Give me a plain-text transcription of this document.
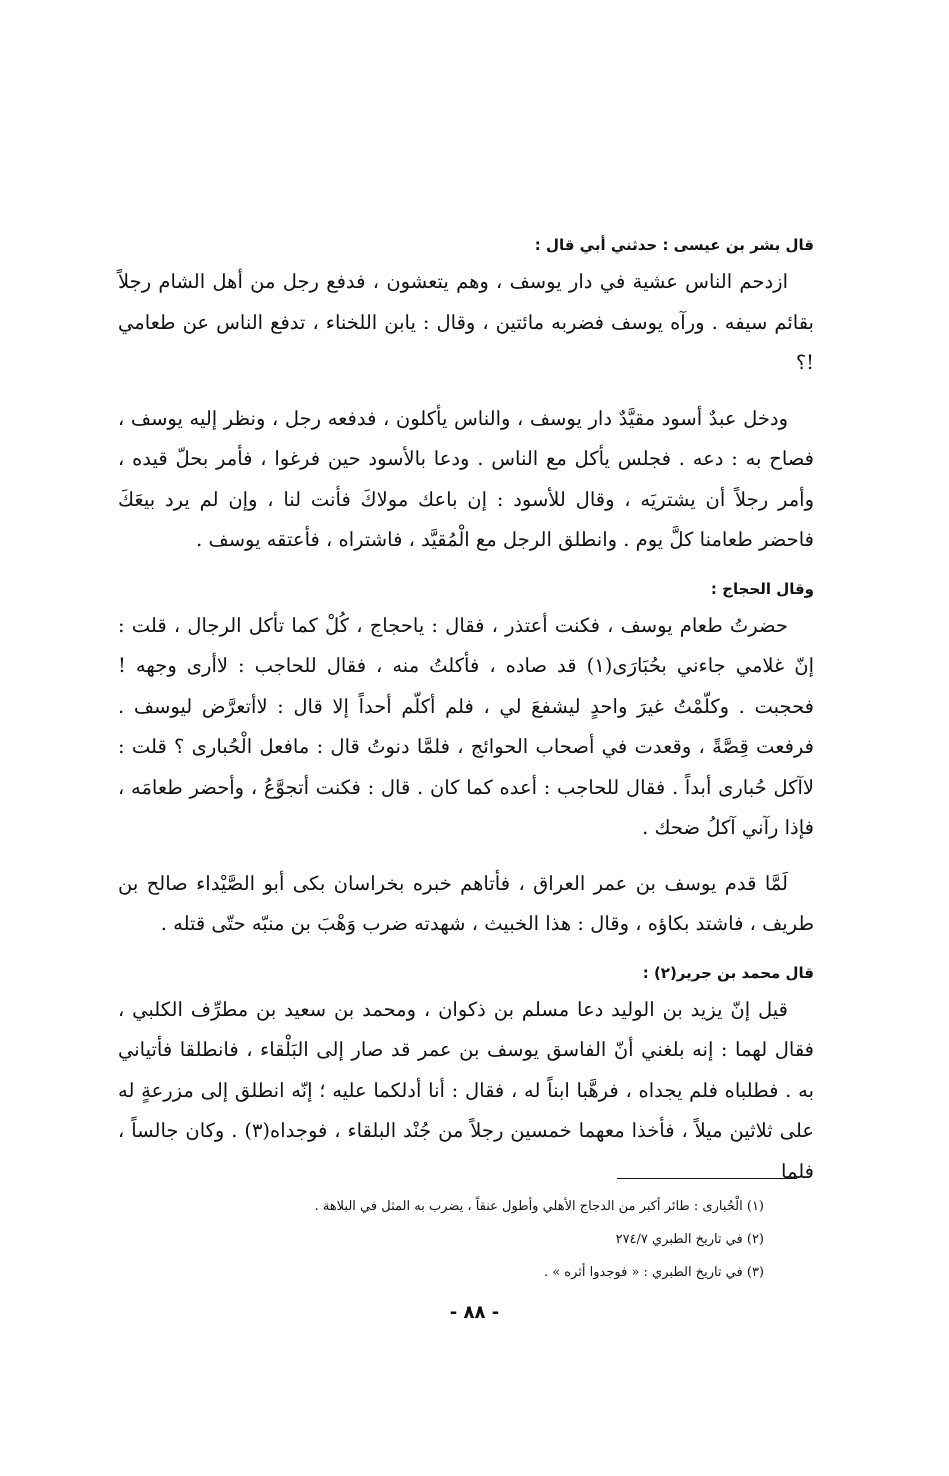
قال بشر بن عيسى : حدثني أبي قال :

ازدحم الناس عشية في دار يوسف ، وهم يتعشون ، فدفع رجل من أهل الشام رجلاً بقائم سيفه . ورآه يوسف فضربه مائتين ، وقال : يابن اللخناء ، تدفع الناس عن طعامي !؟

ودخل عبدٌ أسود مقيَّدٌ دار يوسف ، والناس يأكلون ، فدفعه رجل ، ونظر إليه يوسف ، فصاح به : دعه . فجلس يأكل مع الناس . ودعا بالأسود حين فرغوا ، فأمر بحلّ قيده ، وأمر رجلاً أن يشتريَه ، وقال للأسود : إن باعك مولاكَ فأنت لنا ، وإن لم يرد بيعَكَ فاحضر طعامنا كلَّ يوم . وانطلق الرجل مع الْمُقيَّد ، فاشتراه ، فأعتقه يوسف .

وقال الحجاج :

حضرتُ طعام يوسف ، فكنت أعتذر ، فقال : ياحجاج ، كُلْ كما تأكل الرجال ، قلت : إنّ غلامي جاءني بحُبَارَى(١) قد صاده ، فأكلتُ منه ، فقال للحاجب : لاأرى وجهه ! فحجبت . وكلّمْتُ غيرَ واحدٍ ليشفعَ لي ، فلم أكلّم أحداً إلا قال : لاأتعرَّض ليوسف . فرفعت قِصَّةً ، وقعدت في أصحاب الحوائج ، فلمَّا دنوتُ قال : مافعل الْحُبارى ؟ قلت : لاآكل حُبارى أبداً . فقال للحاجب : أعده كما كان . قال : فكنت أتجوَّعُ ، وأحضر طعامَه ، فإذا رآني آكلُ ضحك .

لَمَّا قدم يوسف بن عمر العراق ، فأتاهم خبره بخراسان بكى أبو الصَّيْداء صالح بن طريف ، فاشتد بكاؤه ، وقال : هذا الخبيث ، شهدته ضرب وَهْبَ بن منبّه حتّى قتله .

قال محمد بن جرير(٢) :

قيل إنّ يزيد بن الوليد دعا مسلم بن ذكوان ، ومحمد بن سعيد بن مطرِّف الكلبي ، فقال لهما : إنه بلغني أنّ الفاسق يوسف بن عمر قد صار إلى البَلْقاء ، فانطلقا فأتياني به . فطلباه فلم يجداه ، فرهَّبا ابناً له ، فقال : أنا أدلكما عليه ؛ إنّه انطلق إلى مزرعةٍ له على ثلاثين ميلاً ، فأخذا معهما خمسين رجلاً من جُنْد البلقاء ، فوجداه(٣) . وكان جالساً ، فلما

(١) الْحُبارى : طائر أكبر من الدجاج الأهلي وأطول عنقاً ، يضرب به المثل في البلاهة .

(٢) في تاريخ الطبري ٢٧٤/٧

(٣) في تاريخ الطبري : « فوجدوا أثره » .

- ٨٨ -
